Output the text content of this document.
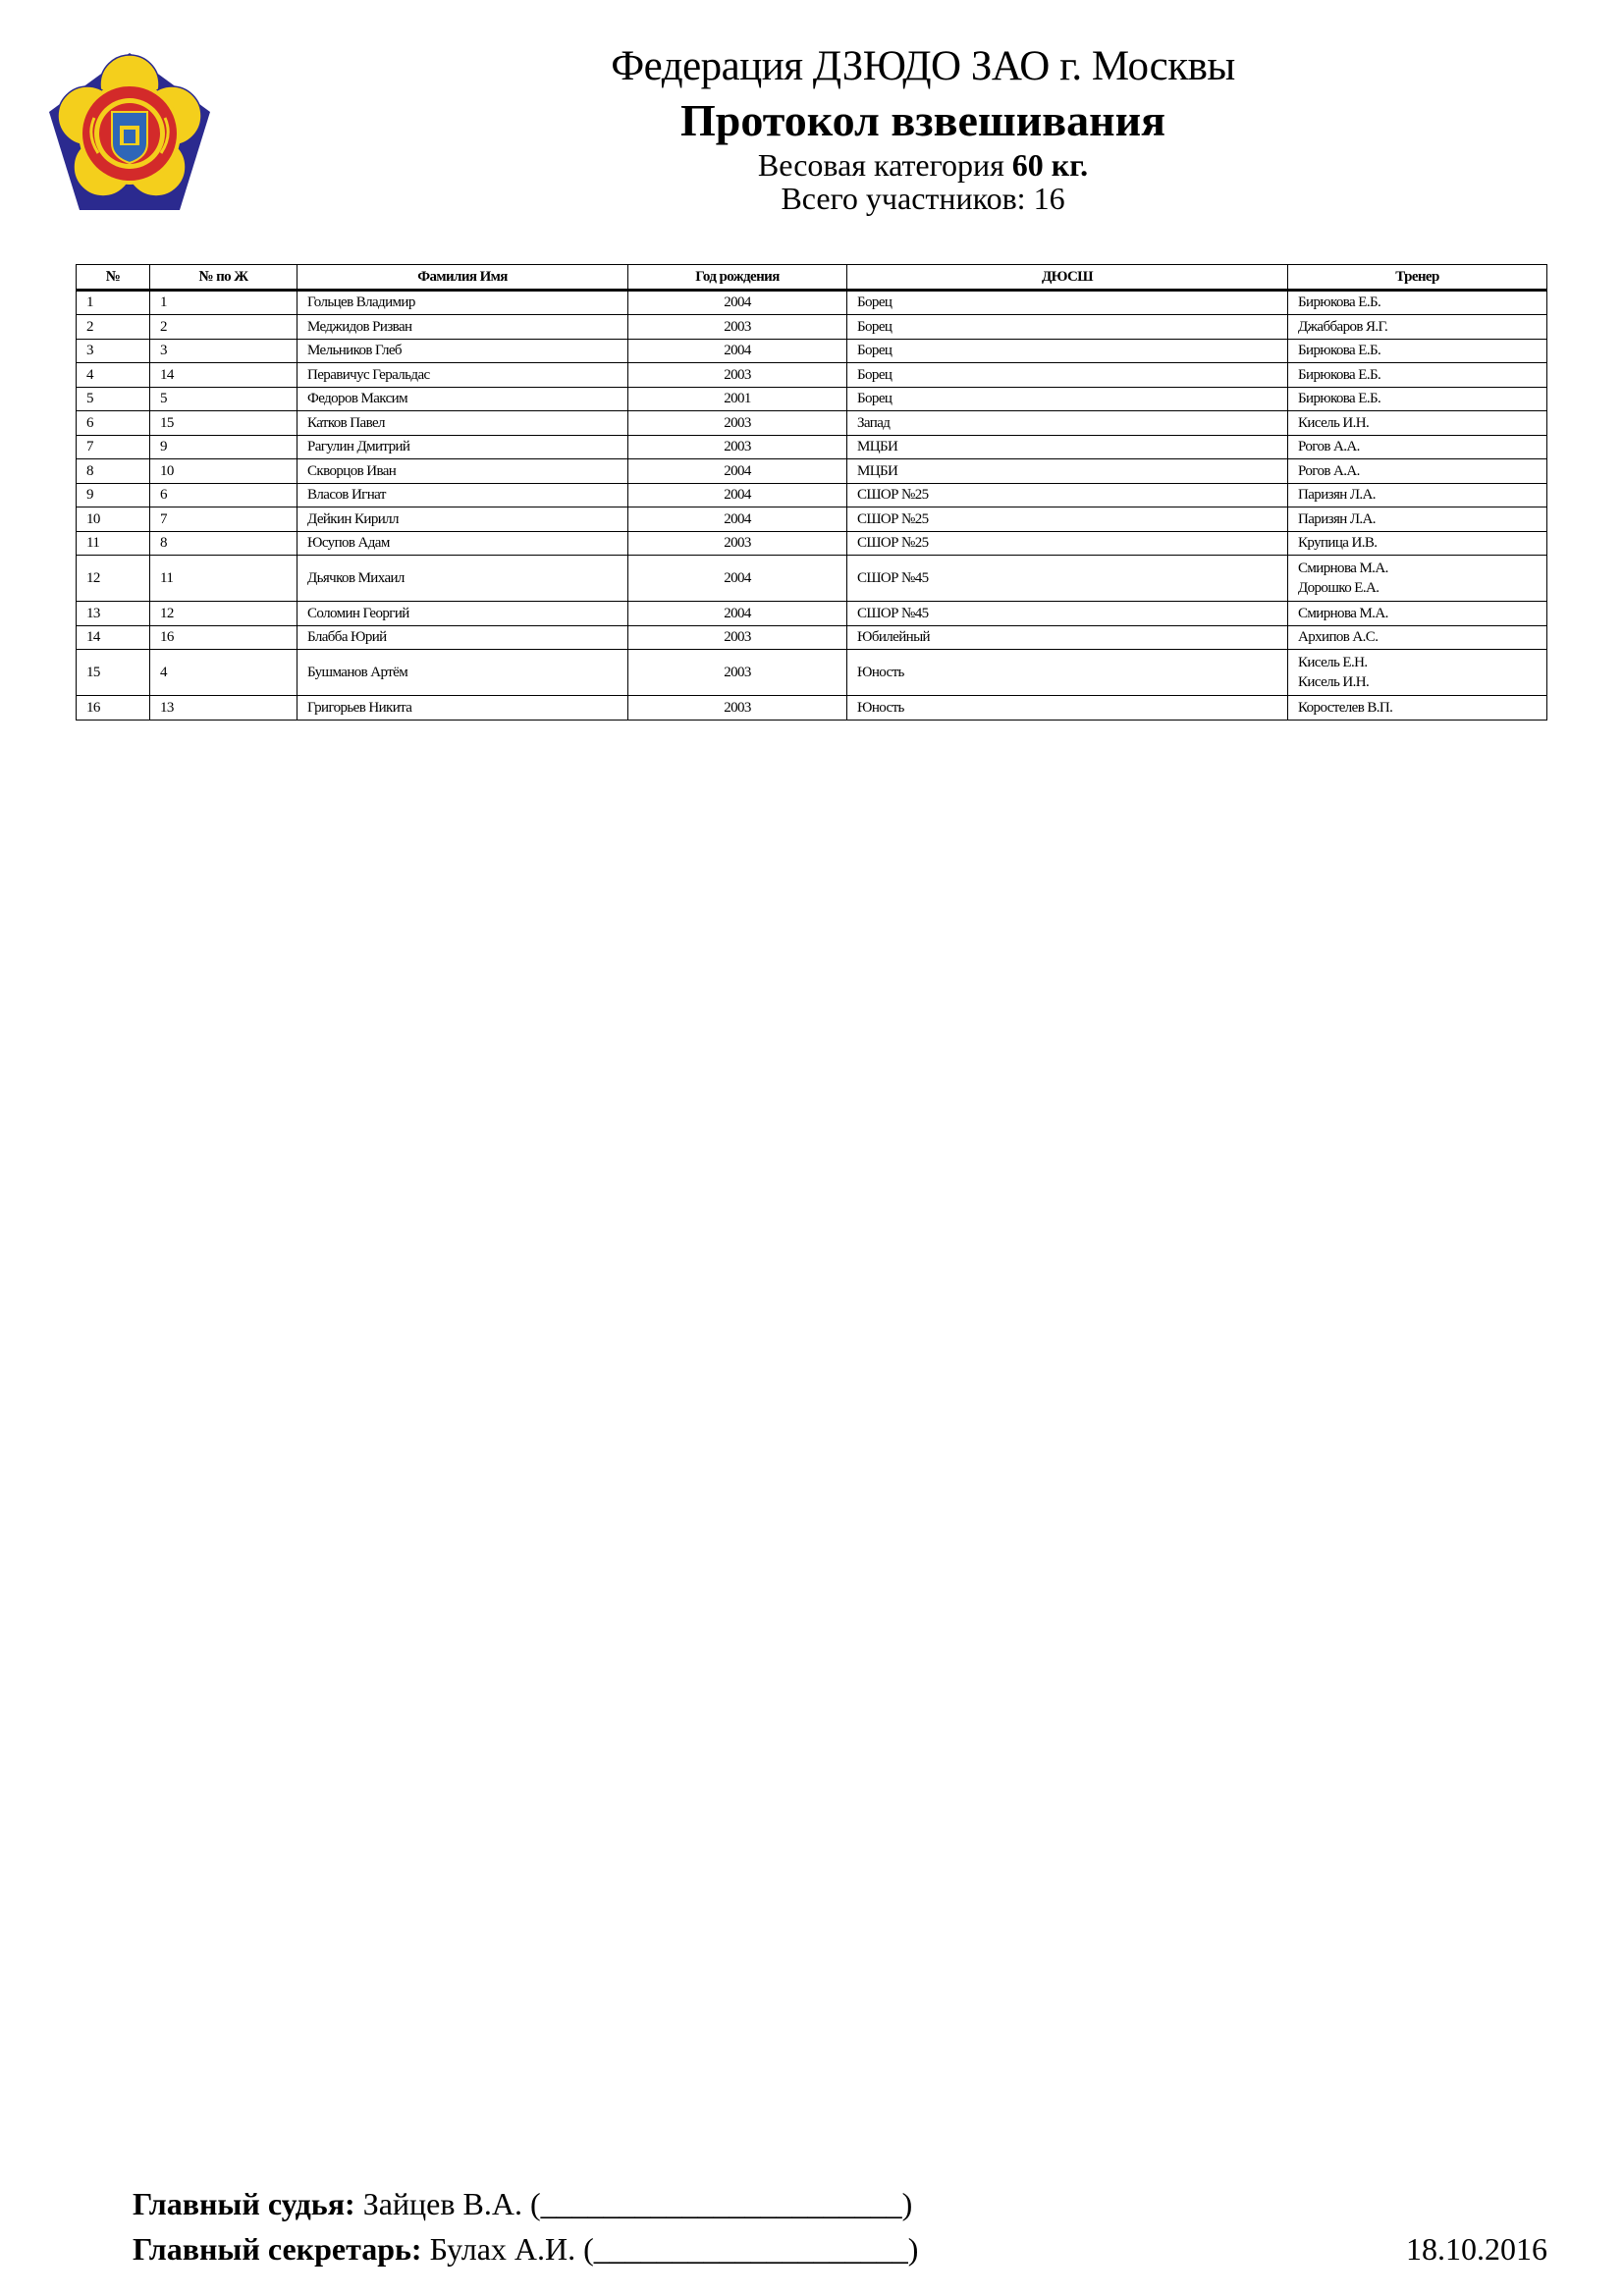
Федерация ДЗЮДО ЗАО г. Москвы
Протокол взвешивания
Весовая категория 60 кг.
Всего участников: 16
№	№ по Ж	Фамилия Имя	Год рождения	ДЮСШ	Тренер
1	1	Гольцев Владимир	2004	Борец	Бирюкова Е.Б.

2	2	Меджидов Ризван	2003	Борец	Джаббаров Я.Г.

3	3	Мельников Глеб	2004	Борец	Бирюкова Е.Б.

4	14	Перавичус Геральдас	2003	Борец	Бирюкова Е.Б.

5	5	Федоров Максим	2001	Борец	Бирюкова Е.Б.

6	15	Катков Павел	2003	Запад	Кисель И.Н.

7	9	Рагулин Дмитрий	2003	МЦБИ	Рогов А.А.

8	10	Скворцов Иван	2004	МЦБИ	Рогов А.А.

9	6	Власов Игнат	2004	СШОР №25	Паризян Л.А.

10	7	Дейкин Кирилл	2004	СШОР №25	Паризян Л.А.

11	8	Юсупов Адам	2003	СШОР №25	Крупица И.В.

12	11	Дьячков Михаил	2004	СШОР №45	Смирнова М.А.
Дорошко Е.А.

13	12	Соломин Георгий	2004	СШОР №45	Смирнова М.А.

14	16	Блабба Юрий	2003	Юбилейный	Архипов А.С.

15	4	Бушманов Артём	2003	Юность	Кисель Е.Н.
Кисель И.Н.

16	13	Григорьев Никита	2003	Юность	Коростелев В.П.
Главный судья: Зайцев В.А. (_______________________)
Главный секретарь: Булах А.И. (____________________)	18.10.2016
